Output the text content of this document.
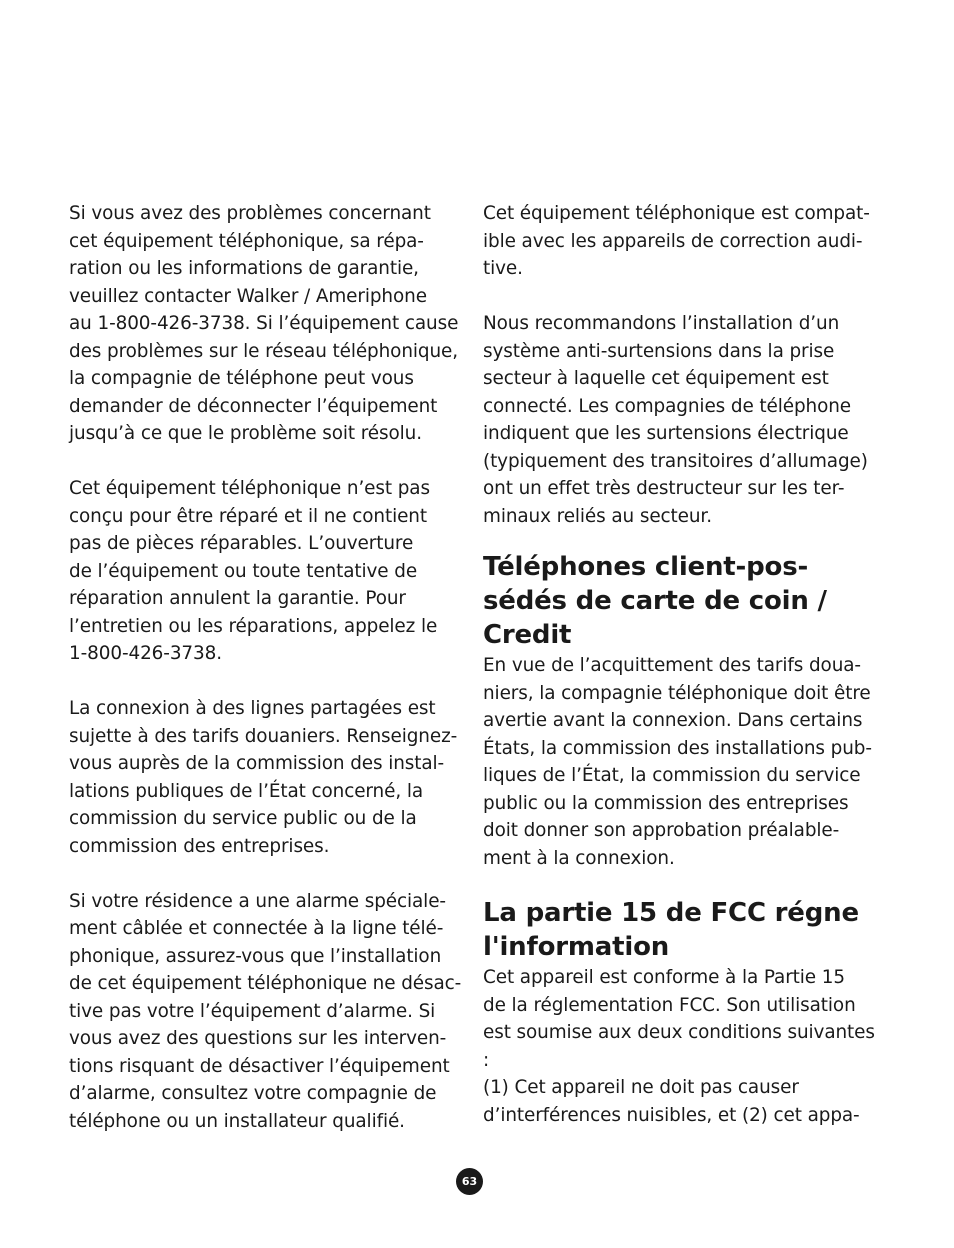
Si vous avez des problèmes concernant
cet équipement téléphonique, sa répa-
ration ou les informations de garantie,
veuillez contacter Walker / Ameriphone
au 1-800-426-3738. Si l’équipement cause
des problèmes sur le réseau téléphonique,
la compagnie de téléphone peut vous
demander de déconnecter l’équipement
jusqu’à ce que le problème soit résolu.
Cet équipement téléphonique n’est pas
conçu pour être réparé et il ne contient
pas de pièces réparables. L’ouverture
de l’équipement ou toute tentative de
réparation annulent la garantie. Pour
l’entretien ou les réparations, appelez le
1-800-426-3738.
La connexion à des lignes partagées est
sujette à des tarifs douaniers. Renseignez-
vous auprès de la commission des instal-
lations publiques de l’État concerné, la
commission du service public ou de la
commission des entreprises.
Si votre résidence a une alarme spéciale-
ment câblée et connectée à la ligne télé-
phonique, assurez-vous que l’installation
de cet équipement téléphonique ne désac-
tive pas votre l’équipement d’alarme. Si
vous avez des questions sur les interven-
tions risquant de désactiver l’équipement
d’alarme, consultez votre compagnie de
téléphone ou un installateur qualifié.
Cet équipement téléphonique est compat-
ible avec les appareils de correction audi-
tive.
Nous recommandons l’installation d’un
système anti-surtensions dans la prise
secteur à laquelle cet équipement est
connecté. Les compagnies de téléphone
indiquent que les surtensions électrique
(typiquement des transitoires d’allumage)
ont un effet très destructeur sur les ter-
minaux reliés au secteur.
Téléphones client-pos-
sédés de carte de coin /
Credit
En vue de l’acquittement des tarifs doua-
niers, la compagnie téléphonique doit être
avertie avant la connexion. Dans certains
États, la commission des installations pub-
liques de l’État, la commission du service
public ou la commission des entreprises
doit donner son approbation préalable-
ment à la connexion.
La partie 15 de FCC régne
l'information
Cet appareil est conforme à la Partie 15
de la réglementation FCC. Son utilisation
est soumise aux deux conditions suivantes
:
(1) Cet appareil ne doit pas causer
d’interférences nuisibles, et (2) cet appa-
63
